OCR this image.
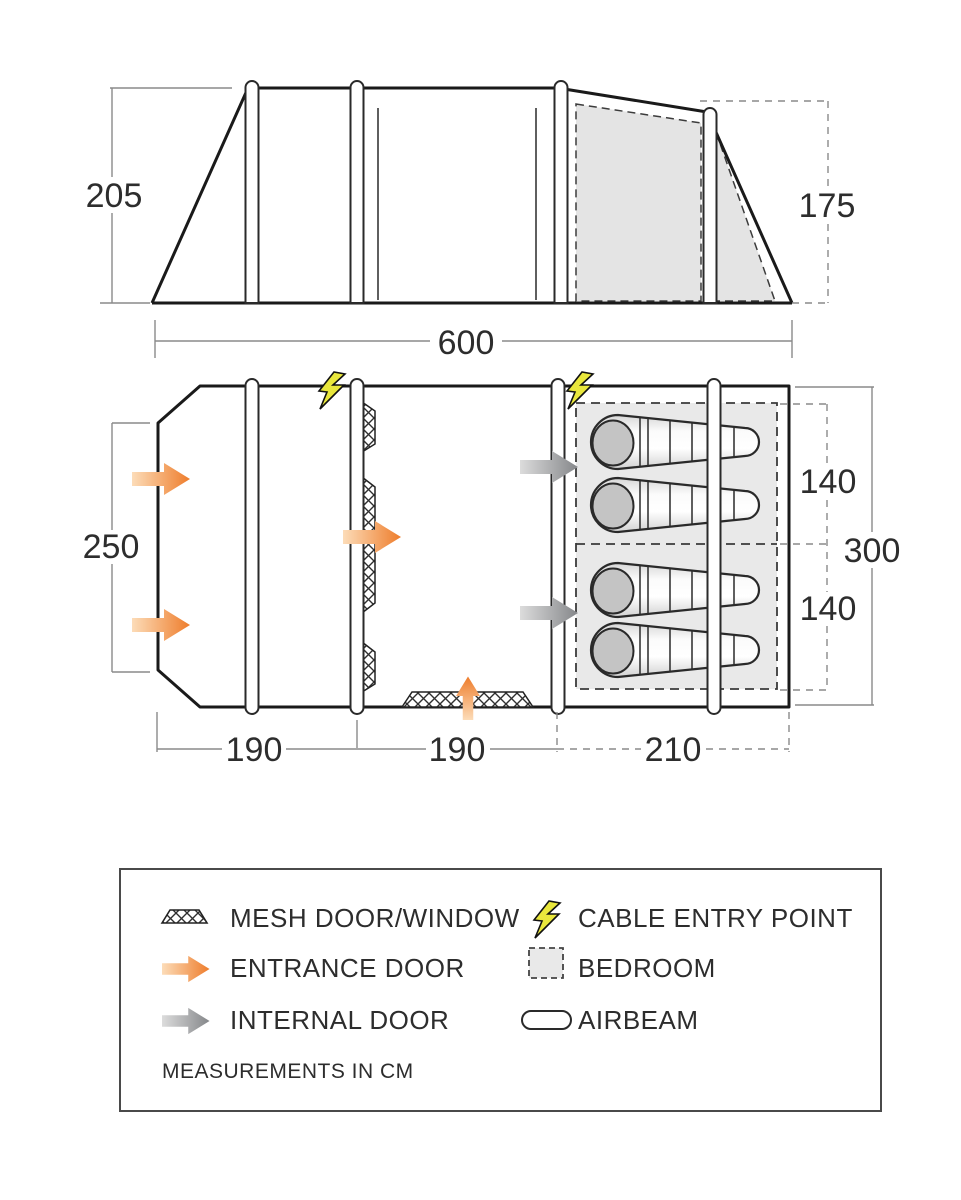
205	175
600
250
140
140
300
190	190	210
MESH DOOR/WINDOW CABLE ENTRY POINT
ENTRANCE DOOR	BEDROOM
INTERNAL DOOR	AIRBEAM
MEASUREMENTS IN CM
